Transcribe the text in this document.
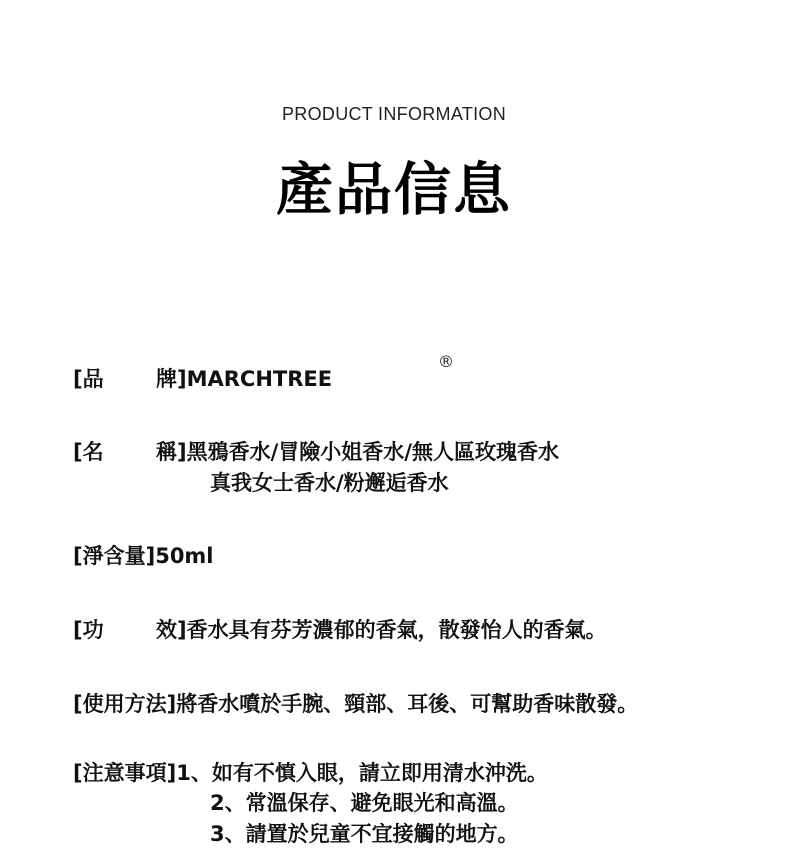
PRODUCT INFORMATION
產品信息
[品 牌]MARCHTREE
®
[名 稱]黑鴉香水/冒險小姐香水/無人區玫瑰香水
真我女士香水/粉邂逅香水
[淨含量]50ml
[功 效]香水具有芬芳濃郁的香氣，散發怡人的香氣。
[使用方法]將香水噴於手腕、頸部、耳後、可幫助香味散發。
[注意事項]1、如有不慎入眼，請立即用清水沖洗。
2、常溫保存、避免眼光和高溫。
3、請置於兒童不宜接觸的地方。
